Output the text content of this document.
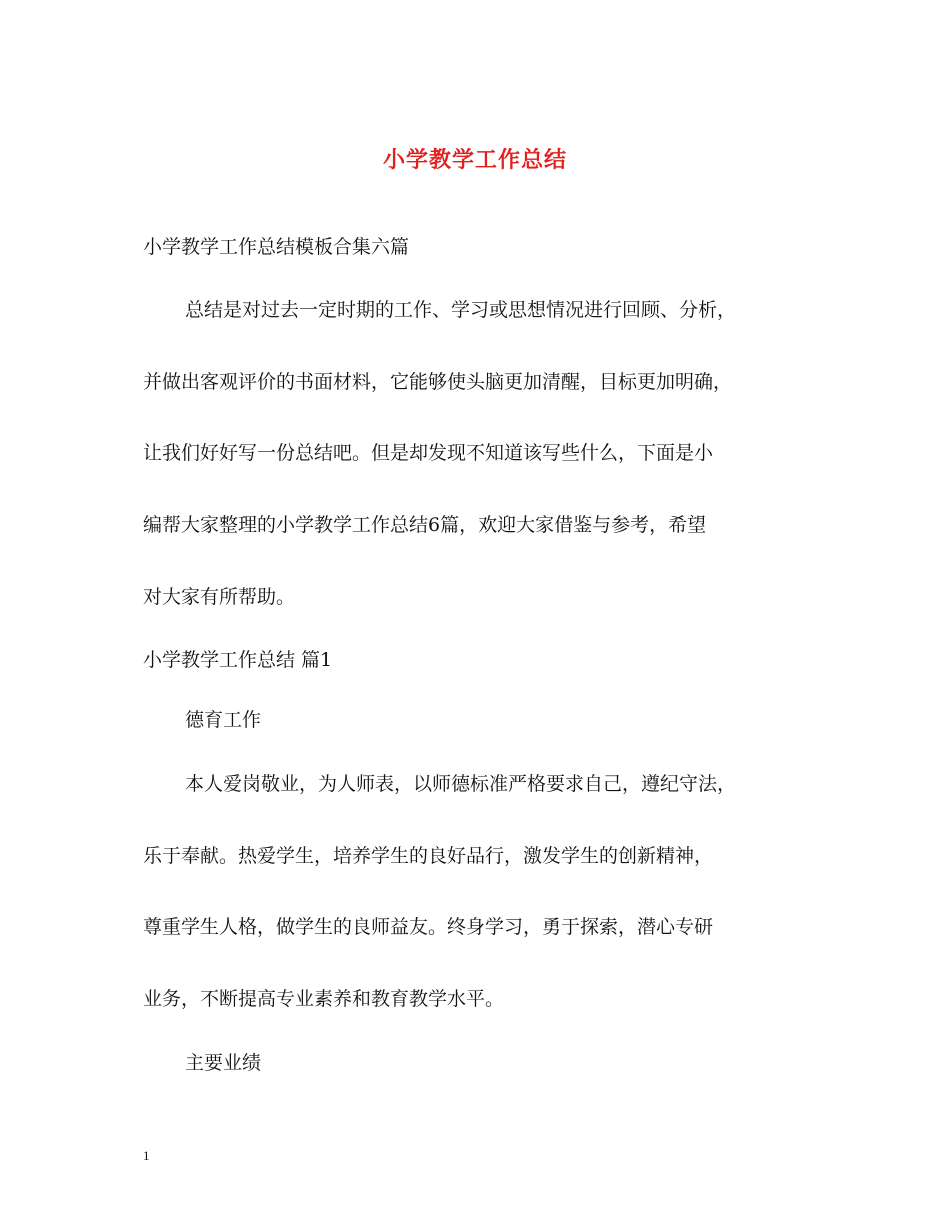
小学教学工作总结
小学教学工作总结模板合集六篇
总结是对过去一定时期的工作、学习或思想情况进行回顾、分析，
并做出客观评价的书面材料，它能够使头脑更加清醒，目标更加明确，
让我们好好写一份总结吧。但是却发现不知道该写些什么，下面是小
编帮大家整理的小学教学工作总结6篇，欢迎大家借鉴与参考，希望
对大家有所帮助。
小学教学工作总结 篇1
德育工作
本人爱岗敬业，为人师表，以师德标准严格要求自己，遵纪守法，
乐于奉献。热爱学生，培养学生的良好品行，激发学生的创新精神，
尊重学生人格，做学生的良师益友。终身学习，勇于探索，潜心专研
业务，不断提高专业素养和教育教学水平。
主要业绩
1
